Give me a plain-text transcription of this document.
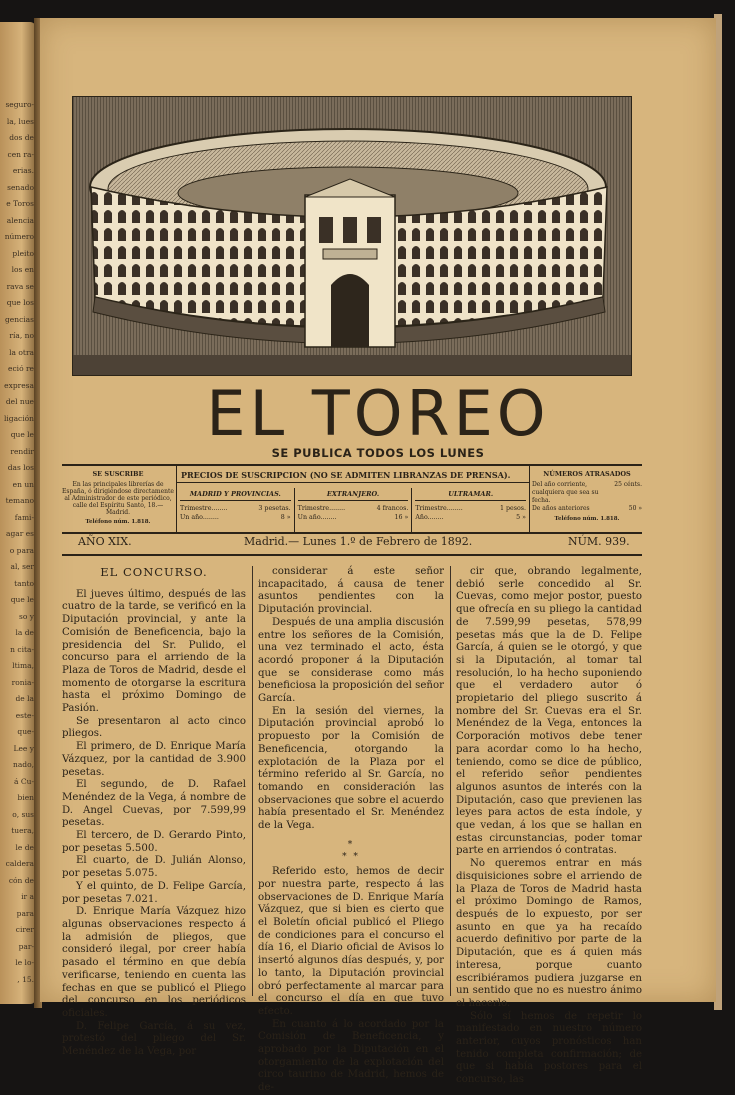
seguro-
la, lues
dos de
cen ra-
erias.
senado
e Toros
alencia
número
pleito
los en
rava se
que los
gencias
ría, no
la otra
eció re
expresa
del nue
ligación
que le
rendir
das los
en un
temano
fami-
agar es
o para
al, ser
tanto
que le
so y
la de
n cita-
ltima,
ronia-
de la
este-
que-
Lee y
nado,
á Cu-
bien
o, sus
tuera,
le de
caldera
cón de
ir a
para
cirer
par-
le lo-
, 15.
EL TOREO
SE PUBLICA TODOS LOS LUNES
SE SUSCRIBE
En las principales librerías de España, ó dirigiéndose directamente al Administrador de este periódico, calle del Espíritu Santo, 18.—Madrid.
Teléfono núm. 1.818.
PRECIOS DE SUSCRIPCION (NO SE ADMITEN LIBRANZAS DE PRENSA).
MADRID Y PROVINCIAS.
Trimestre........	3 pesetas.
Un año........	8 »
EXTRANJERO.
Trimestre........	4 francos.
Un año........	16 »
ULTRAMAR.
Trimestre........	1 pesos.
Año........	5 »
NÚMEROS ATRASADOS
Del año corriente, cualquiera que sea su fecha.
25 cénts.
De años anteriores	50 »
Teléfono núm. 1.818.
AÑO XIX.	Madrid.— Lunes 1.º de Febrero de 1892.	NÚM. 939.
EL CONCURSO.

El jueves último, después de las cuatro de la tarde, se verificó en la Diputación provincial, y ante la Comisión de Beneficencia, bajo la presidencia del Sr. Pulido, el concurso para el arriendo de la Plaza de Toros de Madrid, desde el momento de otorgarse la escritura hasta el próximo Domingo de Pasión.

Se presentaron al acto cinco pliegos.

El primero, de D. Enrique María Vázquez, por la cantidad de 3.900 pesetas.

El segundo, de D. Rafael Menéndez de la Vega, á nombre de D. Angel Cuevas, por 7.599,99 pesetas.

El tercero, de D. Gerardo Pinto, por pesetas 5.500.

El cuarto, de D. Julián Alonso, por pesetas 5.075.

Y el quinto, de D. Felipe García, por pesetas 7.021.

D. Enrique María Vázquez hizo algunas observaciones respecto á la admisión de pliegos, que consideró ilegal, por creer había pasado el término en que debía verificarse, teniendo en cuenta las fechas en que se publicó el Pliego del concurso en los periódicos oficiales.

D. Felipe García, á su vez, protestó del pliego del Sr. Menéndez de la Vega, por

considerar á este señor incapacitado, á causa de tener asuntos pendientes con la Diputación provincial.

Después de una amplia discusión entre los señores de la Comisión, una vez terminado el acto, ésta acordó proponer á la Diputación que se considerase como más beneficiosa la proposición del señor García.

En la sesión del viernes, la Diputación provincial aprobó lo propuesto por la Comisión de Beneficencia, otorgando la explotación de la Plaza por el término referido al Sr. García, no tomando en consideración las observaciones que sobre el acuerdo había presentado el Sr. Menéndez de la Vega.

*
* *

Referido esto, hemos de decir por nuestra parte, respecto á las observaciones de D. Enrique María Vázquez, que si bien es cierto que el Boletín oficial publicó el Pliego de condiciones para el concurso el día 16, el Diario oficial de Avisos lo insertó algunos días después, y, por lo tanto, la Diputación provincial obró perfectamente al marcar para el concurso el día en que tuvo efecto.

En cuanto á lo acordado por la Comisión de Beneficencia, y aprobado por la Diputación en el otorgamiento de la explotación del circo taurino de Madrid, hemos de de-

cir que, obrando legalmente, debió serle concedido al Sr. Cuevas, como mejor postor, puesto que ofrecía en su pliego la cantidad de 7.599,99 pesetas, 578,99 pesetas más que la de D. Felipe García, á quien se le otorgó, y que si la Diputación, al tomar tal resolución, lo ha hecho suponiendo que el verdadero autor ó propietario del pliego suscrito á nombre del Sr. Cuevas era el Sr. Menéndez de la Vega, entonces la Corporación motivos debe tener para acordar como lo ha hecho, teniendo, como se dice de público, el referido señor pendientes algunos asuntos de interés con la Diputación, caso que previenen las leyes para actos de esta índole, y que vedan, á los que se hallan en estas circunstancias, poder tomar parte en arriendos ó contratas.

No queremos entrar en más disquisiciones sobre el arriendo de la Plaza de Toros de Madrid hasta el próximo Domingo de Ramos, después de lo expuesto, por ser asunto en que ya ha recaído acuerdo definitivo por parte de la Diputación, que es á quien más interesa, porque cuanto escribiéramos pudiera juzgarse en un sentido que no es nuestro ánimo el hacerlo.

Sólo sí hemos de repetir lo manifestado en nuestro número anterior, cuyos pronósticos han tenido completa confirmación; de que si había postores para el concurso, las
